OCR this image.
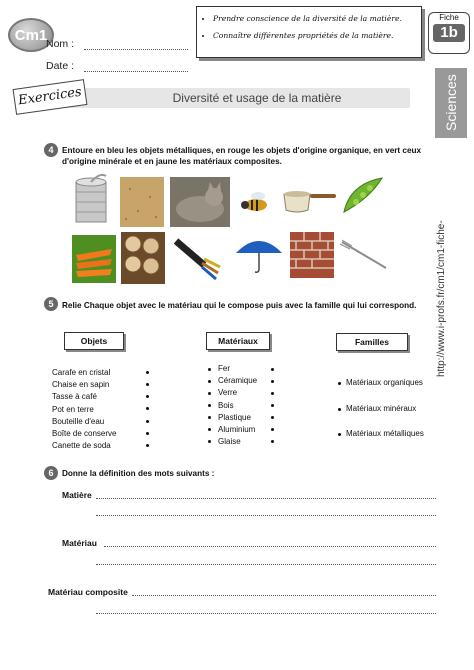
Cm1
Nom :
Date :
• Prendre conscience de la diversité de la matière.
• Connaître différentes propriétés de la matière.
Fiche
1b
Sciences
http://www.i-profs.fr/cm1/cm1-fiche-
Diversité et usage de la matière
Exercices
4	Entoure en bleu les objets métalliques, en rouge les objets d'origine organique, en vert ceux d'origine minérale et en jaune les matériaux composites.
5	Relie Chaque objet avec le matériau qui le compose puis avec la famille qui lui correspond.
Objets	Matériaux	Familles
Carafe en cristal
Chaise en sapin
Tasse à café
Pot en terre
Bouteille d'eau
Boîte de conserve
Canette de soda
Fer
Céramique
Verre
Bois
Plastique
Aluminium
Glaise
Matériaux organiques
Matériaux minéraux
Matériaux métalliques
6	Donne la définition des mots suivants :
Matière
Matériau
Matériau composite
